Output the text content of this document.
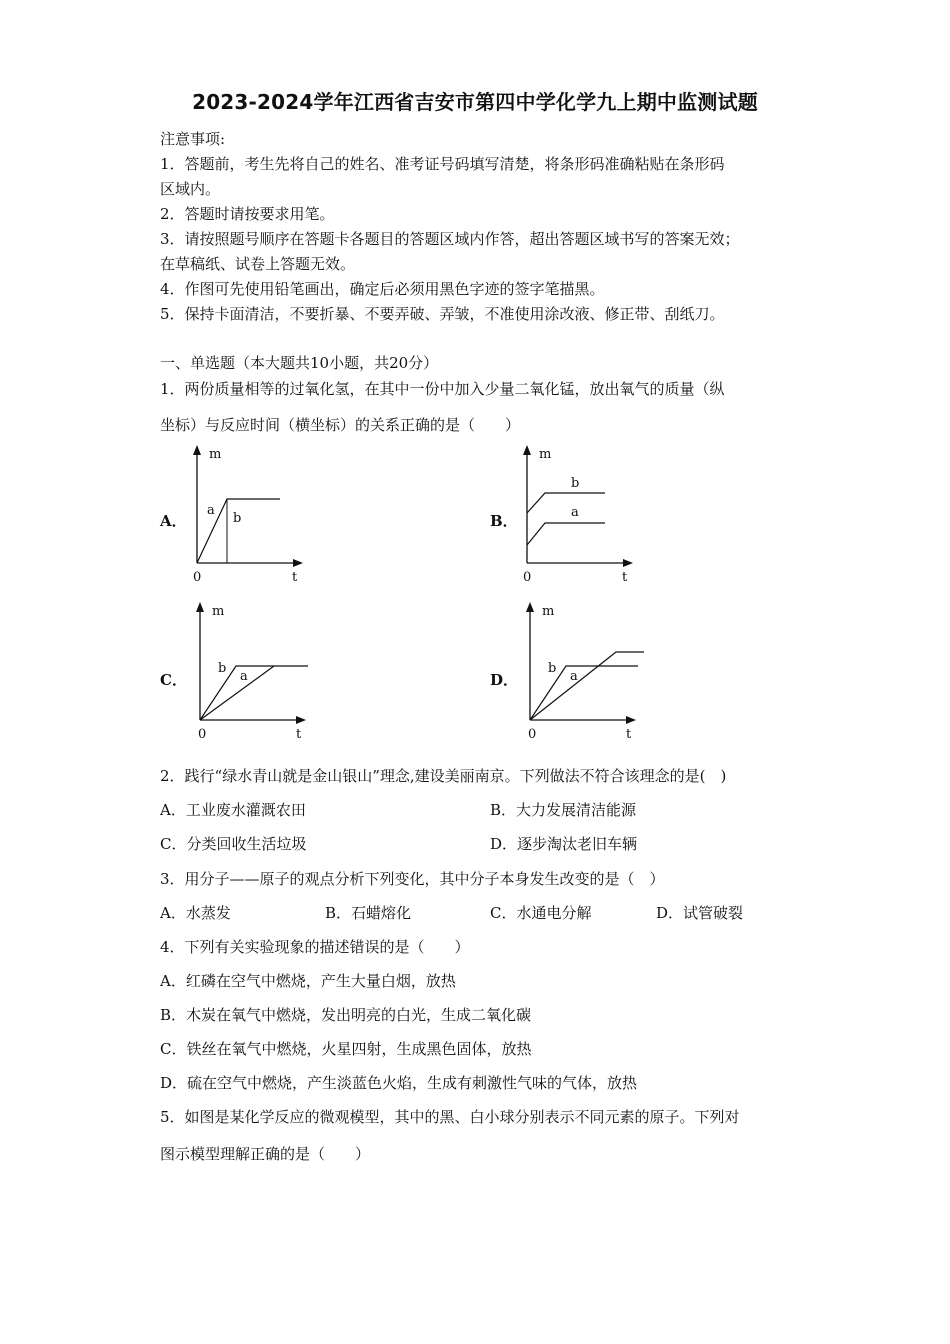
2023-2024学年江西省吉安市第四中学化学九上期中监测试题
注意事项:
1．答题前，考生先将自己的姓名、准考证号码填写清楚，将条形码准确粘贴在条形码
区域内。
2．答题时请按要求用笔。
3．请按照题号顺序在答题卡各题目的答题区域内作答，超出答题区域书写的答案无效；
在草稿纸、试卷上答题无效。
4．作图可先使用铅笔画出，确定后必须用黑色字迹的签字笔描黑。
5．保持卡面清洁，不要折暴、不要弄破、弄皱，不准使用涂改液、修正带、刮纸刀。
一、单选题（本大题共10小题，共20分）
1．两份质量相等的过氧化氢，在其中一份中加入少量二氧化锰，放出氧气的质量（纵
坐标）与反应时间（横坐标）的关系正确的是（　　）
A．
m
t
0
a
b	B．
m
t
0
b
a
C．
m
t
0
b
a	D．
m
t
0
b
a
2．践行“绿水青山就是金山银山”理念,建设美丽南京。下列做法不符合该理念的是(　)
A．工业废水灌溉农田	B．大力发展清洁能源
C．分类回收生活垃圾	D．逐步淘汰老旧车辆
3．用分子——原子的观点分析下列变化，其中分子本身发生改变的是（　）
A．水蒸发	B．石蜡熔化	C．水通电分解	D．试管破裂
4．下列有关实验现象的描述错误的是（　　）
A．红磷在空气中燃烧，产生大量白烟，放热
B．木炭在氧气中燃烧，发出明亮的白光，生成二氧化碳
C．铁丝在氧气中燃烧，火星四射，生成黑色固体，放热
D．硫在空气中燃烧，产生淡蓝色火焰，生成有刺激性气味的气体，放热
5．如图是某化学反应的微观模型，其中的黑、白小球分别表示不同元素的原子。下列对
图示模型理解正确的是（　　）
